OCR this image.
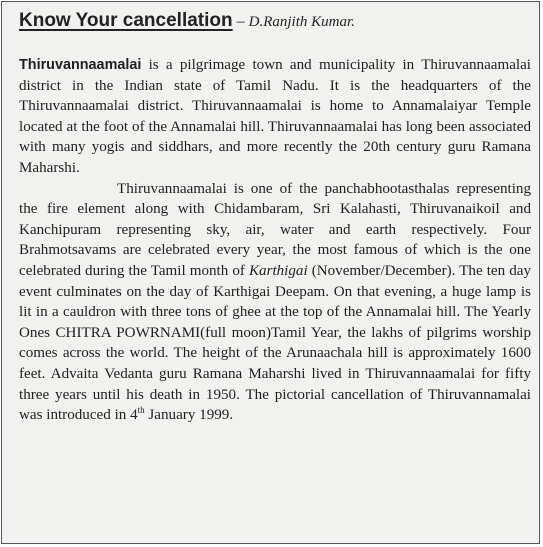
Know Your cancellation – D.Ranjith Kumar.

Thiruvannaamalai is a pilgrimage town and municipality in Thiruvannaamalai district in the Indian state of Tamil Nadu. It is the headquarters of the Thiruvannaamalai district. Thiruvannaamalai is home to Annamalaiyar Temple located at the foot of the Annamalai hill. Thiruvannaamalai has long been associated with many yogis and siddhars, and more recently the 20th century guru Ramana Maharshi.

Thiruvannaamalai is one of the panchabhootasthalas representing the fire element along with Chidambaram, Sri Kalahasti, Thiruvanaikoil and Kanchipuram representing sky, air, water and earth respectively. Four Brahmotsavams are celebrated every year, the most famous of which is the one celebrated during the Tamil month of Karthigai (November/December). The ten day event culminates on the day of Karthigai Deepam. On that evening, a huge lamp is lit in a cauldron with three tons of ghee at the top of the Annamalai hill. The Yearly Ones CHITRA POWRNAMI(full moon)Tamil Year, the lakhs of pilgrims worship comes across the world. The height of the Arunaachala hill is approximately 1600 feet. Advaita Vedanta guru Ramana Maharshi lived in Thiruvannaamalai for fifty three years until his death in 1950. The pictorial cancellation of Thiruvannamalai was introduced in 4th January 1999.
